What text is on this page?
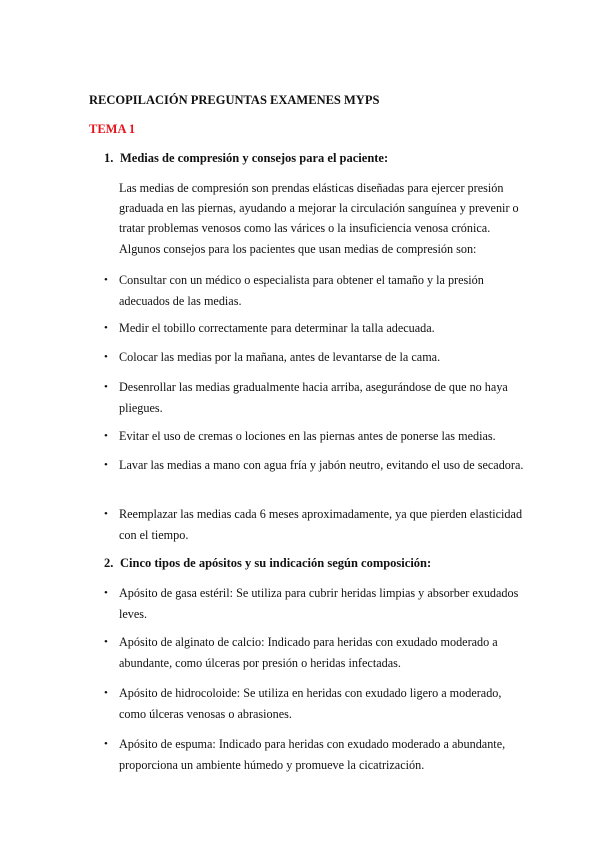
RECOPILACIÓN PREGUNTAS EXAMENES MYPS
TEMA 1
1. Medias de compresión y consejos para el paciente:
Las medias de compresión son prendas elásticas diseñadas para ejercer presión graduada en las piernas, ayudando a mejorar la circulación sanguínea y prevenir o tratar problemas venosos como las várices o la insuficiencia venosa crónica. Algunos consejos para los pacientes que usan medias de compresión son:
• Consultar con un médico o especialista para obtener el tamaño y la presión adecuados de las medias.
• Medir el tobillo correctamente para determinar la talla adecuada.
• Colocar las medias por la mañana, antes de levantarse de la cama.
• Desenrollar las medias gradualmente hacia arriba, asegurándose de que no haya pliegues.
• Evitar el uso de cremas o lociones en las piernas antes de ponerse las medias.
• Lavar las medias a mano con agua fría y jabón neutro, evitando el uso de secadora.
• Reemplazar las medias cada 6 meses aproximadamente, ya que pierden elasticidad con el tiempo.
2. Cinco tipos de apósitos y su indicación según composición:
• Apósito de gasa estéril: Se utiliza para cubrir heridas limpias y absorber exudados leves.
• Apósito de alginato de calcio: Indicado para heridas con exudado moderado a abundante, como úlceras por presión o heridas infectadas.
• Apósito de hidrocoloide: Se utiliza en heridas con exudado ligero a moderado, como úlceras venosas o abrasiones.
• Apósito de espuma: Indicado para heridas con exudado moderado a abundante, proporciona un ambiente húmedo y promueve la cicatrización.
